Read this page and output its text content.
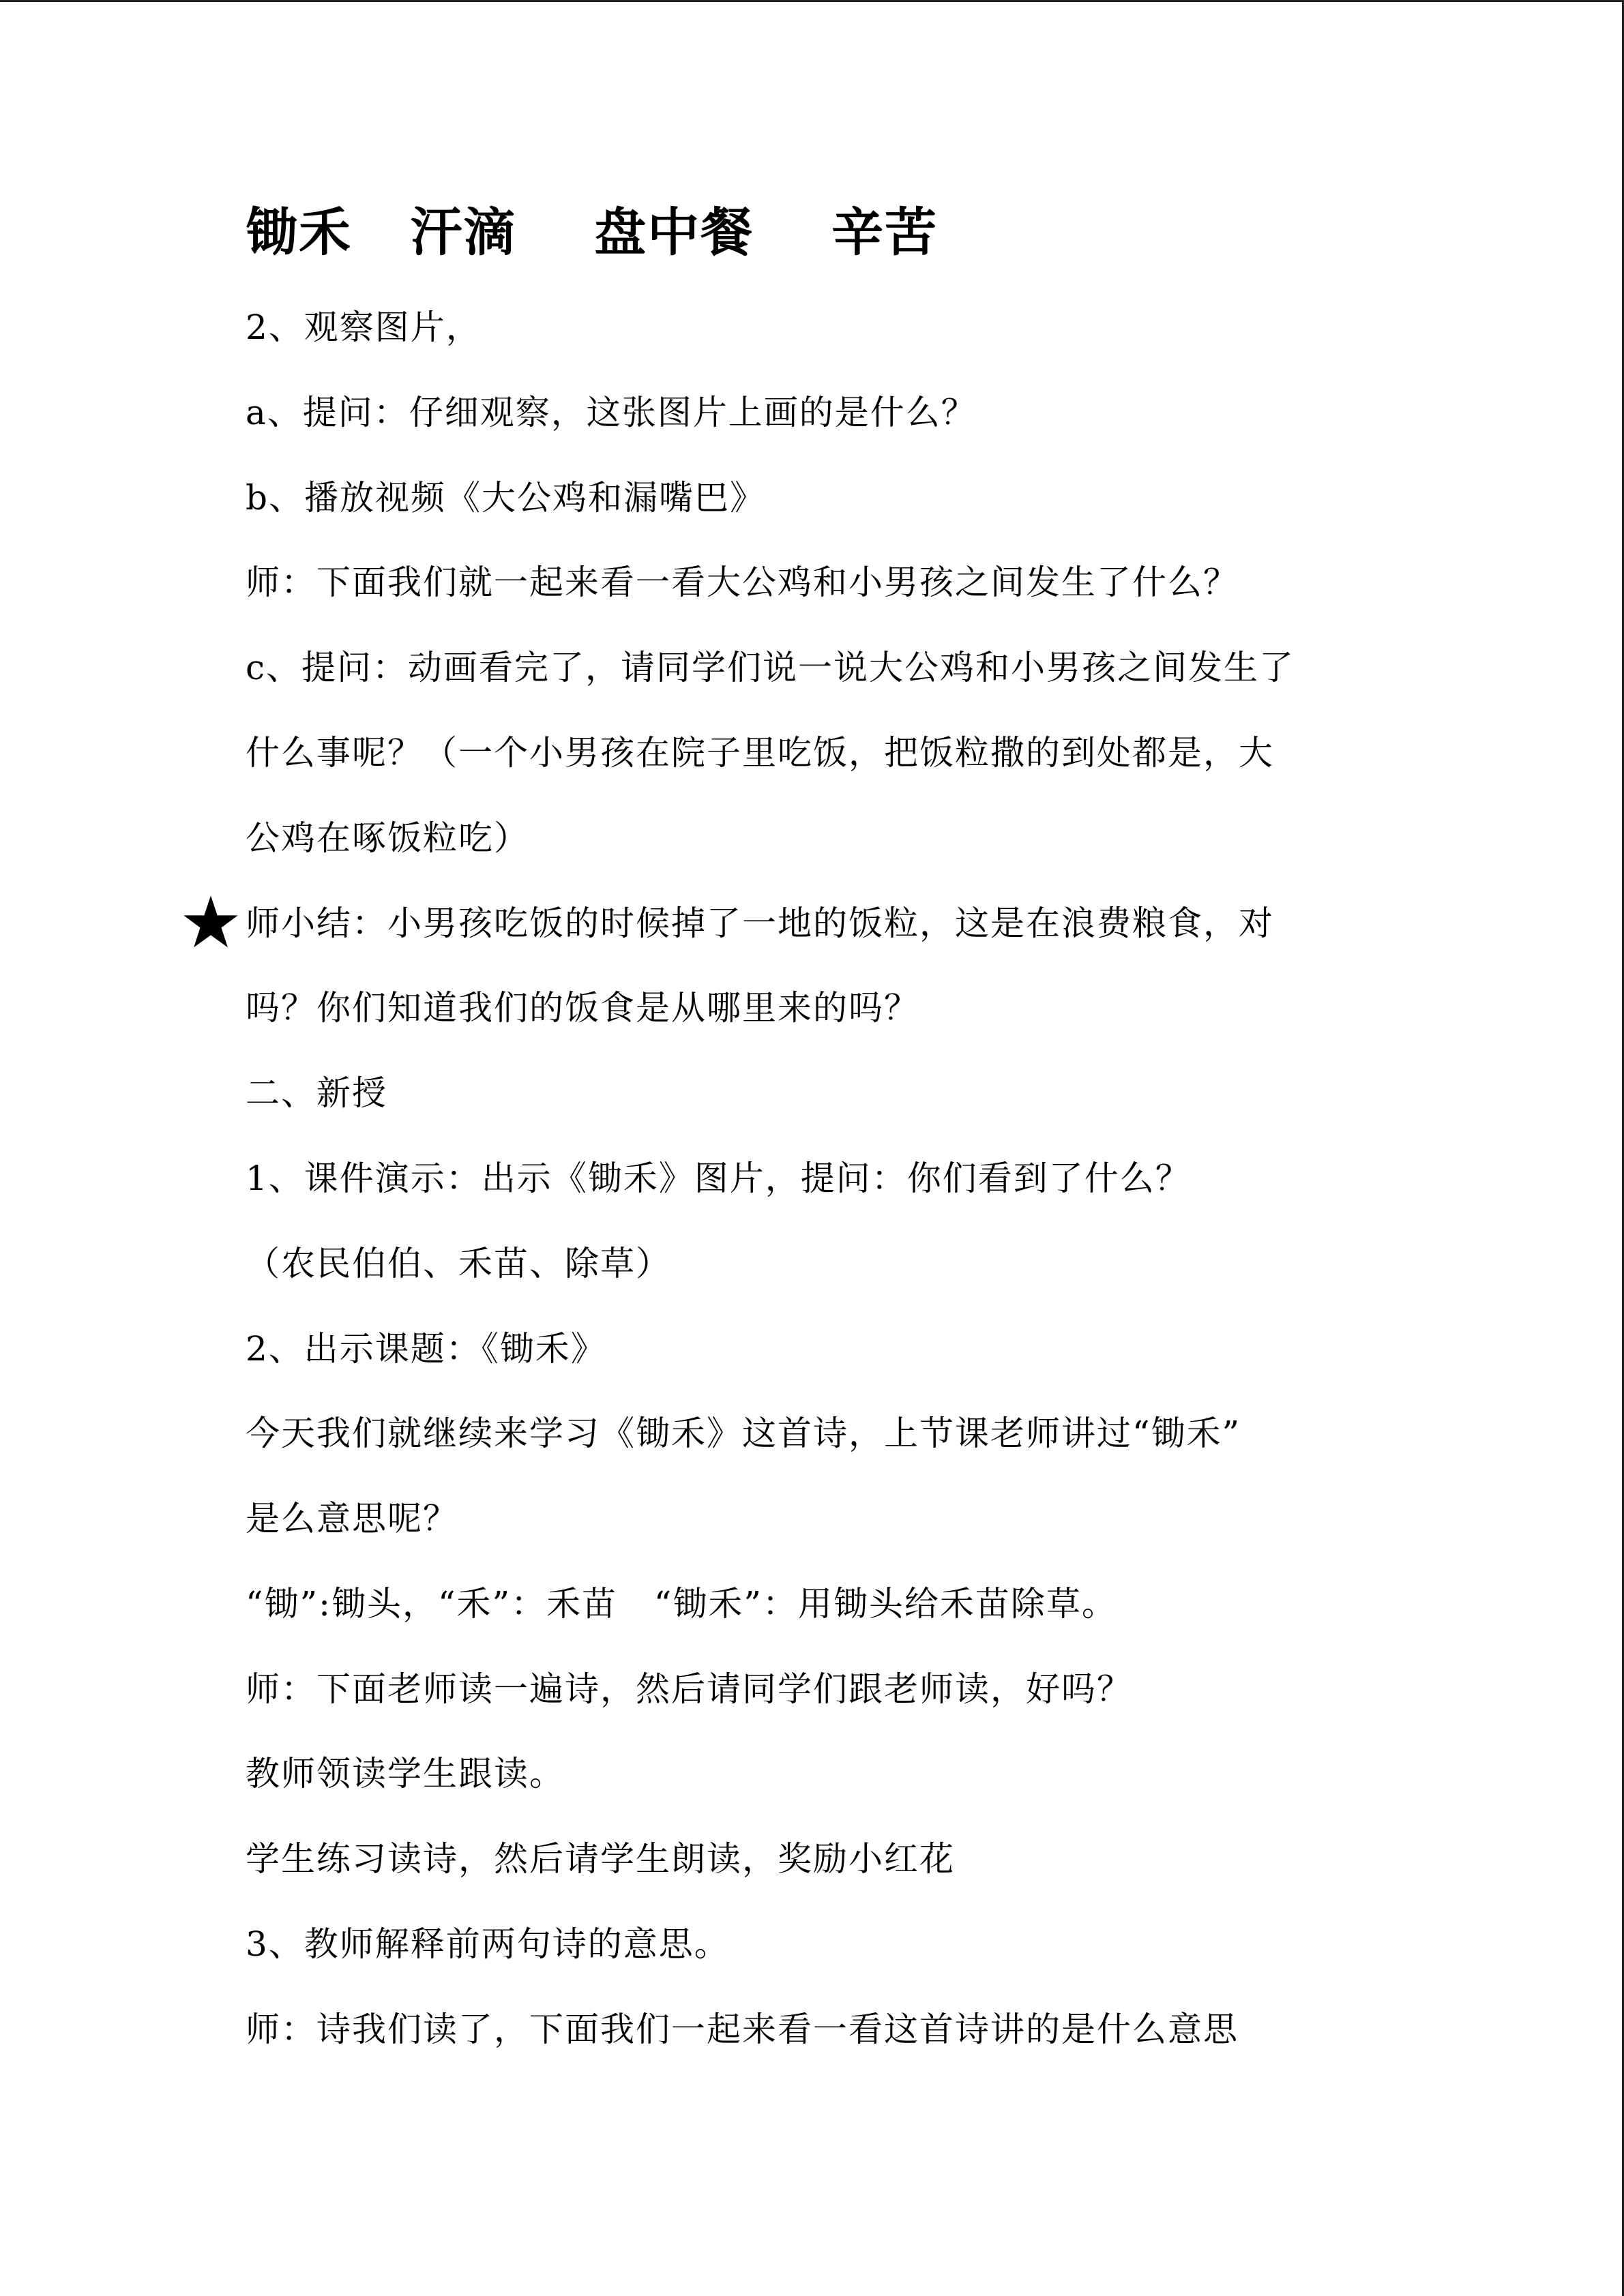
锄禾   汗滴    盘中餐    辛苦
2、观察图片，
a、提问：仔细观察，这张图片上画的是什么？
b、播放视频《大公鸡和漏嘴巴》
师：下面我们就一起来看一看大公鸡和小男孩之间发生了什么？
c、提问：动画看完了，请同学们说一说大公鸡和小男孩之间发生了
什么事呢？（一个小男孩在院子里吃饭，把饭粒撒的到处都是，大
公鸡在啄饭粒吃）
师小结：小男孩吃饭的时候掉了一地的饭粒，这是在浪费粮食，对
吗？你们知道我们的饭食是从哪里来的吗？
二、新授
1、课件演示：出示《锄禾》图片，提问：你们看到了什么？
（农民伯伯、禾苗、除草）
2、出示课题：《锄禾》
今天我们就继续来学习《锄禾》这首诗，上节课老师讲过“锄禾”
是么意思呢？
“锄”:锄头，“禾”：禾苗   “锄禾”：用锄头给禾苗除草。
师：下面老师读一遍诗，然后请同学们跟老师读，好吗？
教师领读学生跟读。
学生练习读诗，然后请学生朗读，奖励小红花
3、教师解释前两句诗的意思。
师：诗我们读了，下面我们一起来看一看这首诗讲的是什么意思
